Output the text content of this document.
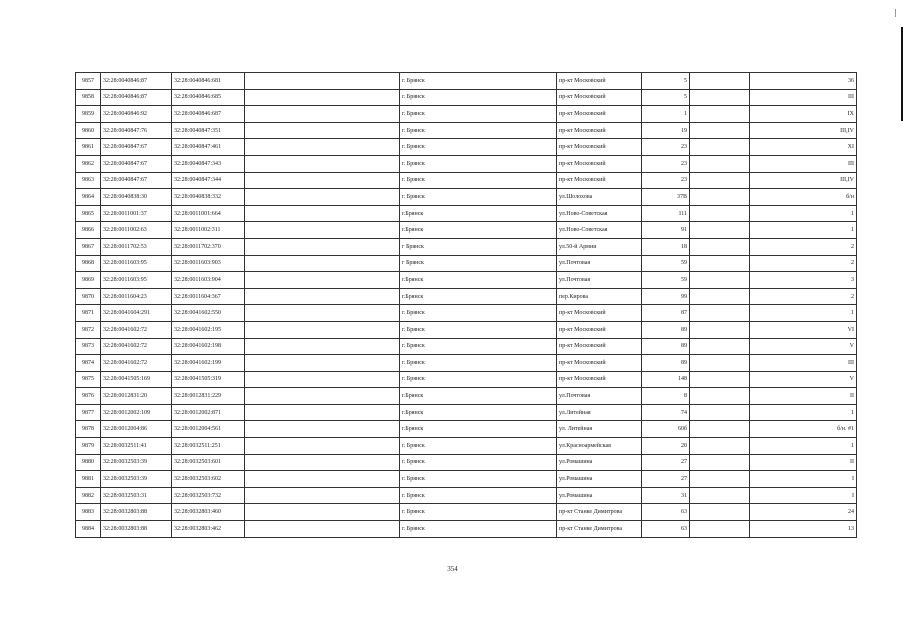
9857	32:28:0040846:87	32:28:0040846:681		г. Брянск	пр-кт Московский	5		36
9858	32:28:0040846:87	32:28:0040846:685		г. Брянск	пр-кт Московский	5		III
9859	32:28:0040846:92	32:28:0040846:687		г. Брянск	пр-кт Московский	1		IX
9860	32:28:0040847:76	32:28:0040847:351		г. Брянск	пр-кт Московский	19		III,IV
9861	32:28:0040847:67	32:28:0040847:461		г. Брянск	пр-кт Московский	23		XI
9862	32:28:0040847:67	32:28:0040847:343		г. Брянск	пр-кт Московский	23		III
9863	32:28:0040847:67	32:28:0040847:344		г. Брянск	пр-кт Московский	23		III,IV
9864	32:28:0040838:30	32:28:0040838:332		г. Брянск	ул.Шолохова	37В		б/н
9865	32:28:0011001:37	32:28:0011001:664		г.Брянск	ул.Ново-Советская	111		1
9866	32:28:0011002:63	32:28:0011002:311		г.Брянск	ул.Ново-Советская	91		1
9867	32:28:0011702:53	32:28:0011702:370		г Брянск	ул.50-й Армии	18		2
9868	32:28:0011603:95	32:28:0011603:903		г Брянск	ул.Почтовая	59		2
9869	32:28:0011603:95	32:28:0011603:904		г.Брянск	ул.Почтовая	59		3
9870	32:28:0011604:23	32:28:0011604:367		г.Брянск	пер.Кирова	99		2
9871	32:28:0041604:291	32:28:0041602:550		г. Брянск	пр-кт Московский	87		1
9872	32:28:0041602:72	32:28:0041602:195		г. Брянск	пр-кт Московский	89		VI
9873	32:28:0041602:72	32:28:0041602:198		г. Брянск	пр-кт Московский	89		V
9874	32:28:0041602:72	32:28:0041602:199		г. Брянск	пр-кт Московский	89		III
9875	32:28:0041505:169	32:28:0041505:319		г. Брянск	пр-кт Московский	148		V
9876	32:28:0012831:20	32:28:0012831:229		г.Брянск	ул.Почтовая	8		II
9877	32:28:0012002:109	32:28:0012002:871		г.Брянск	ул.Литейная	74		1
9878	32:28:0012004:86	32:28:0012004:561		г.Брянск	ул. Литейная	60б		б/н. #1
9879	32:28:0032511:41	32:28:0032511:251		г. Брянск	ул.Красноармейская	20		1
9880	32:28:0032503:39	32:28:0032503:601		г. Брянск	ул.Ромашина	27		II
9881	32:28:0032503:39	32:28:0032503:602		г. Брянск	ул.Ромашина	27		I
9882	32:28:0032503:31	32:28:0032503:732		г. Брянск	ул.Ромашина	31		I
9883	32:28:0032803:88	32:28:0032803:460		г. Брянск	пр-кт Станке Димитрова	63		24
9884	32:28:0032803:88	32:28:0032803:462		г. Брянск	пр-кт Станке Димитрова	63		13
354
